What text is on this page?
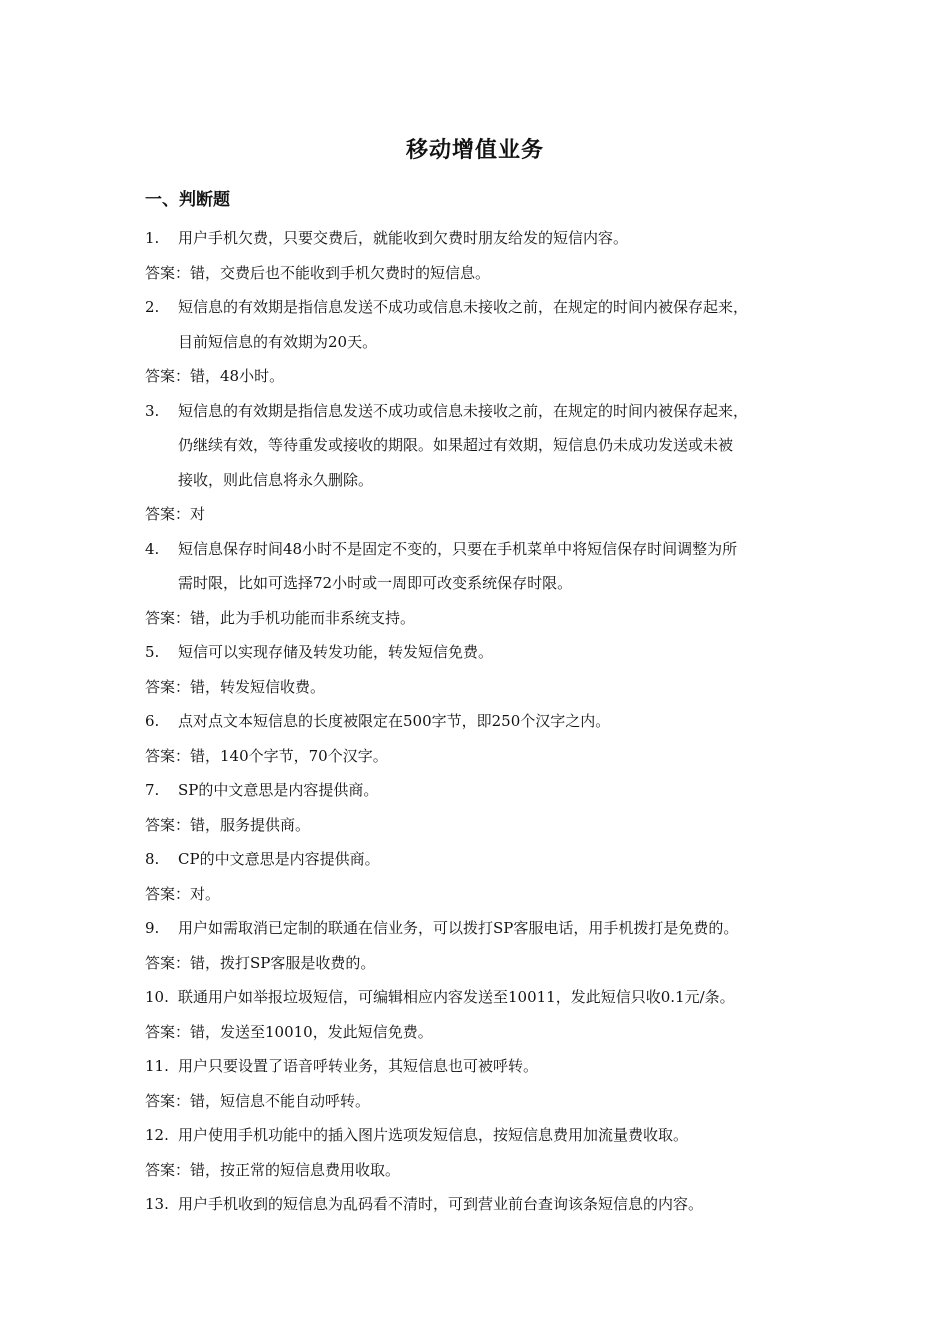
移动增值业务
一、判断题
1. 用户手机欠费，只要交费后，就能收到欠费时朋友给发的短信内容。
答案：错，交费后也不能收到手机欠费时的短信息。
2. 短信息的有效期是指信息发送不成功或信息未接收之前，在规定的时间内被保存起来，
目前短信息的有效期为20天。
答案：错，48小时。
3. 短信息的有效期是指信息发送不成功或信息未接收之前，在规定的时间内被保存起来，
仍继续有效，等待重发或接收的期限。如果超过有效期，短信息仍未成功发送或未被
接收，则此信息将永久删除。
答案：对
4. 短信息保存时间48小时不是固定不变的，只要在手机菜单中将短信保存时间调整为所
需时限，比如可选择72小时或一周即可改变系统保存时限。
答案：错，此为手机功能而非系统支持。
5. 短信可以实现存储及转发功能，转发短信免费。
答案：错，转发短信收费。
6. 点对点文本短信息的长度被限定在500字节，即250个汉字之内。
答案：错，140个字节，70个汉字。
7. SP的中文意思是内容提供商。
答案：错，服务提供商。
8. CP的中文意思是内容提供商。
答案：对。
9. 用户如需取消已定制的联通在信业务，可以拨打SP客服电话，用手机拨打是免费的。
答案：错，拨打SP客服是收费的。
10. 联通用户如举报垃圾短信，可编辑相应内容发送至10011，发此短信只收0.1元/条。
答案：错，发送至10010，发此短信免费。
11. 用户只要设置了语音呼转业务，其短信息也可被呼转。
答案：错，短信息不能自动呼转。
12. 用户使用手机功能中的插入图片选项发短信息，按短信息费用加流量费收取。
答案：错，按正常的短信息费用收取。
13. 用户手机收到的短信息为乱码看不清时，可到营业前台查询该条短信息的内容。
